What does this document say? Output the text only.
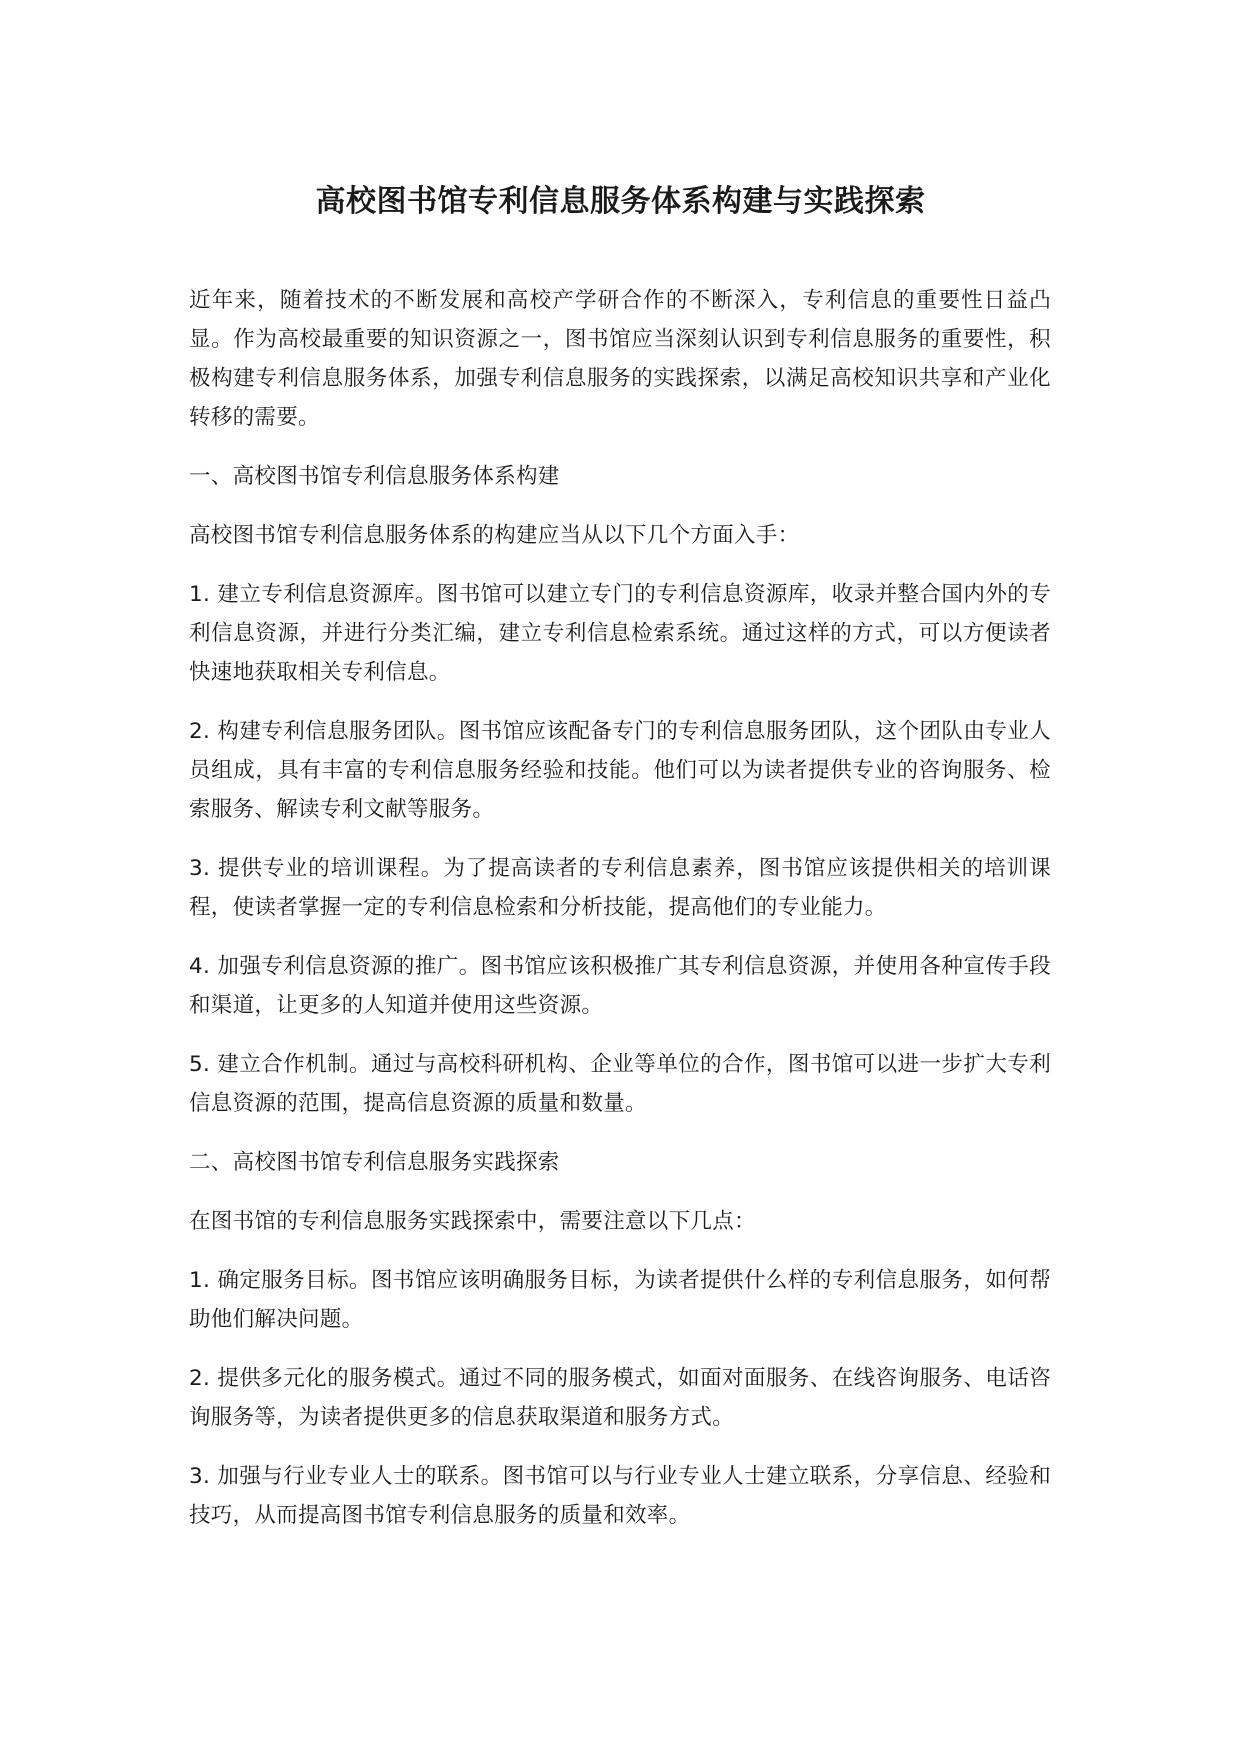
高校图书馆专利信息服务体系构建与实践探索

近年来，随着技术的不断发展和高校产学研合作的不断深入，专利信息的重要性日益凸显。作为高校最重要的知识资源之一，图书馆应当深刻认识到专利信息服务的重要性，积极构建专利信息服务体系，加强专利信息服务的实践探索，以满足高校知识共享和产业化转移的需要。

一、高校图书馆专利信息服务体系构建

高校图书馆专利信息服务体系的构建应当从以下几个方面入手：

1. 建立专利信息资源库。图书馆可以建立专门的专利信息资源库，收录并整合国内外的专利信息资源，并进行分类汇编，建立专利信息检索系统。通过这样的方式，可以方便读者快速地获取相关专利信息。

2. 构建专利信息服务团队。图书馆应该配备专门的专利信息服务团队，这个团队由专业人员组成，具有丰富的专利信息服务经验和技能。他们可以为读者提供专业的咨询服务、检索服务、解读专利文献等服务。

3. 提供专业的培训课程。为了提高读者的专利信息素养，图书馆应该提供相关的培训课程，使读者掌握一定的专利信息检索和分析技能，提高他们的专业能力。

4. 加强专利信息资源的推广。图书馆应该积极推广其专利信息资源，并使用各种宣传手段和渠道，让更多的人知道并使用这些资源。

5. 建立合作机制。通过与高校科研机构、企业等单位的合作，图书馆可以进一步扩大专利信息资源的范围，提高信息资源的质量和数量。

二、高校图书馆专利信息服务实践探索

在图书馆的专利信息服务实践探索中，需要注意以下几点：

1. 确定服务目标。图书馆应该明确服务目标，为读者提供什么样的专利信息服务，如何帮助他们解决问题。

2. 提供多元化的服务模式。通过不同的服务模式，如面对面服务、在线咨询服务、电话咨询服务等，为读者提供更多的信息获取渠道和服务方式。

3. 加强与行业专业人士的联系。图书馆可以与行业专业人士建立联系，分享信息、经验和技巧，从而提高图书馆专利信息服务的质量和效率。
